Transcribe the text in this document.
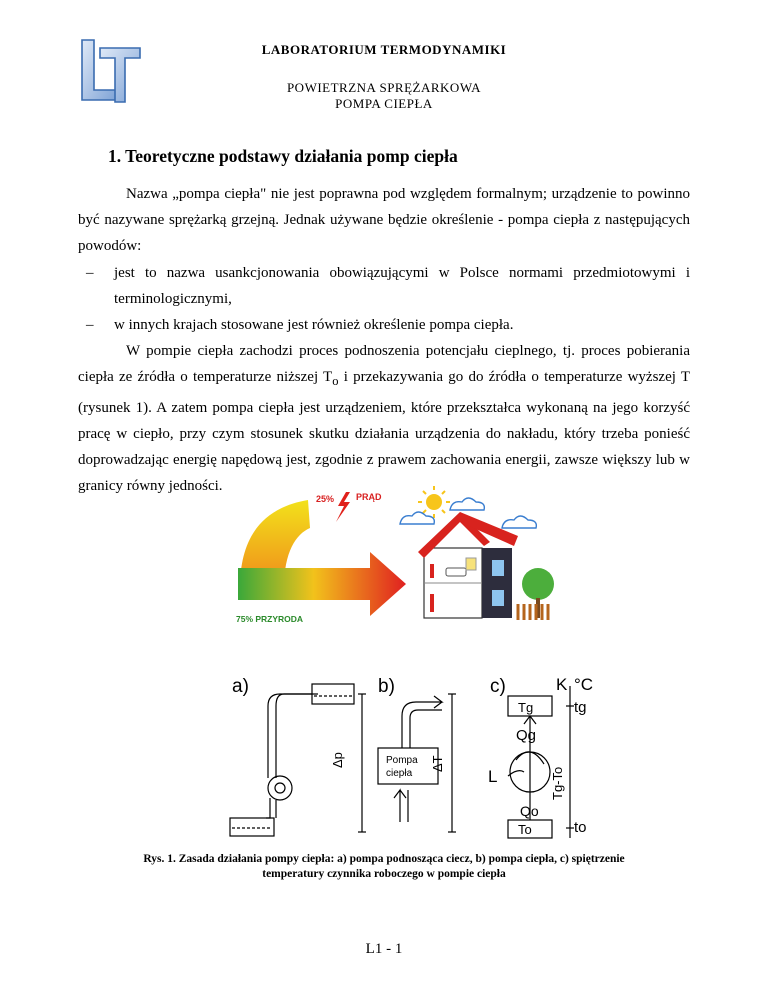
LABORATORIUM TERMODYNAMIKI
POWIETRZNA SPRĘŻARKOWA
POMPA CIEPŁA
1. Teoretyczne podstawy działania pomp ciepła

Nazwa „pompa ciepła" nie jest poprawna pod względem formalnym; urządzenie to powinno być nazywane sprężarką grzejną. Jednak używane będzie określenie - pompa ciepła z następujących powodów:

– jest to nazwa usankcjonowania obowiązującymi w Polsce normami przedmiotowymi i terminologicznymi,

– w innych krajach stosowane jest również określenie pompa ciepła.

W pompie ciepła zachodzi proces podnoszenia potencjału cieplnego, tj. proces pobierania ciepła ze źródła o temperaturze niższej $T_o$ i przekazywania go do źródła o temperaturze wyższej T (rysunek 1). A zatem pompa ciepła jest urządzeniem, które przekształca wykonaną na jego korzyść pracę w ciepło, przy czym stosunek skutku działania urządzenia do nakładu, który trzeba ponieść doprowadzając energię napędową jest, zgodnie z prawem zachowania energii, zawsze większy lub w granicy równy jedności.

25% PRĄD
75% PRZYRODA
a)	b)	c)
Δp	Pompa
ciepła
ΔT
K °C
Tg	tg
Qg
L	Tg-To
Qo
To	to
Rys. 1. Zasada działania pompy ciepła: a) pompa podnosząca ciecz, b) pompa ciepła, c) spiętrzenie
temperatury czynnika roboczego w pompie ciepła
L1 - 1
